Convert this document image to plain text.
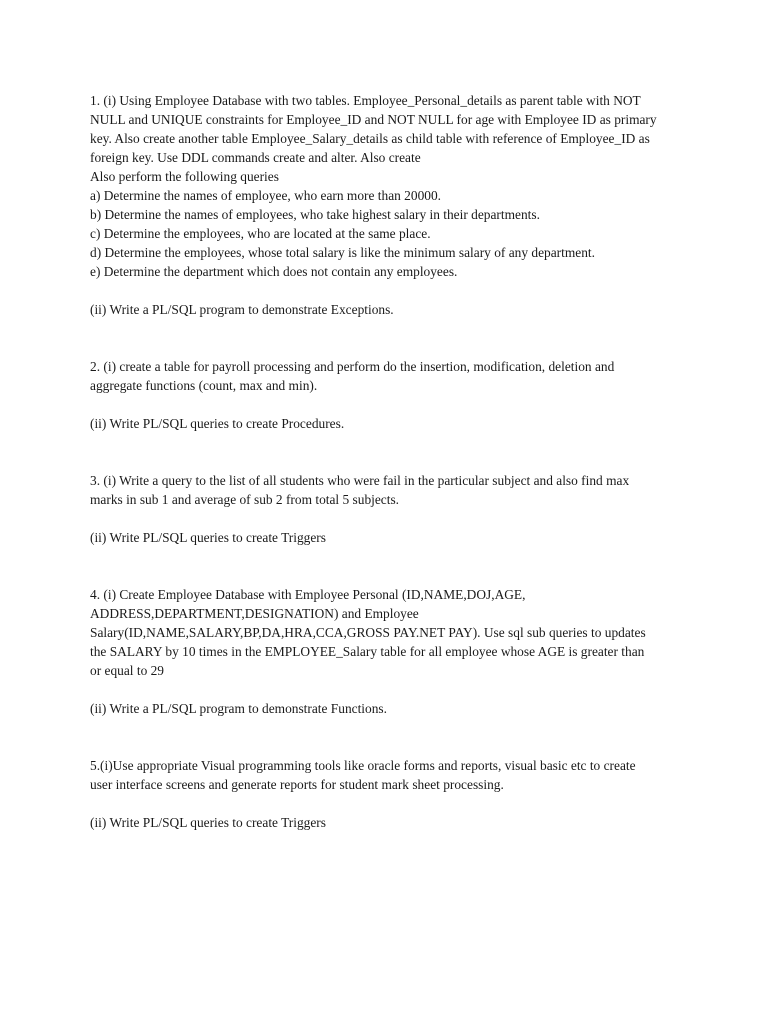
1. (i) Using Employee Database with two tables. Employee_Personal_details as parent table with NOT
NULL and UNIQUE constraints for Employee_ID and NOT NULL for age with Employee ID as primary
key. Also create another table Employee_Salary_details as child table with reference of Employee_ID as
foreign key. Use DDL commands create and alter. Also create
Also perform the following queries
a) Determine the names of employee, who earn more than 20000.
b) Determine the names of employees, who take highest salary in their departments.
c) Determine the employees, who are located at the same place.
d) Determine the employees, whose total salary is like the minimum salary of any department.
e) Determine the department which does not contain any employees.
(ii) Write a PL/SQL program to demonstrate Exceptions.
2. (i) create a table for payroll processing and perform do the insertion, modification, deletion and
aggregate functions (count, max and min).
(ii) Write PL/SQL queries to create Procedures.
3. (i) Write a query to the list of all students who were fail in the particular subject and also find max
marks in sub 1 and average of sub 2 from total 5 subjects.
(ii) Write PL/SQL queries to create Triggers
4. (i) Create Employee Database with Employee Personal (ID,NAME,DOJ,AGE,
ADDRESS,DEPARTMENT,DESIGNATION) and Employee
Salary(ID,NAME,SALARY,BP,DA,HRA,CCA,GROSS PAY.NET PAY). Use sql sub queries to updates
the SALARY by 10 times in the EMPLOYEE_Salary table for all employee whose AGE is greater than
or equal to 29
(ii) Write a PL/SQL program to demonstrate Functions.
5.(i)Use appropriate Visual programming tools like oracle forms and reports, visual basic etc to create
user interface screens and generate reports for student mark sheet processing.
(ii) Write PL/SQL queries to create Triggers
